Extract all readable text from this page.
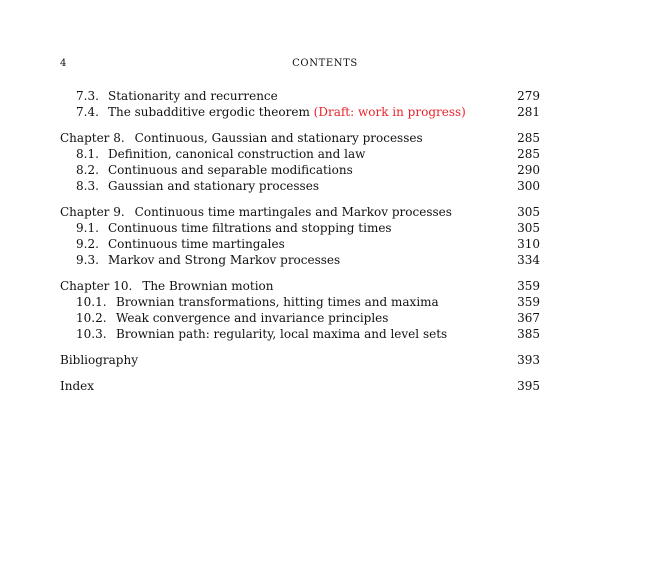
4	CONTENTS
7.3. Stationarity and recurrence	279
7.4. The subadditive ergodic theorem (Draft: work in progress)	281
Chapter 8. Continuous, Gaussian and stationary processes	285
8.1. Definition, canonical construction and law	285
8.2. Continuous and separable modifications	290
8.3. Gaussian and stationary processes	300
Chapter 9. Continuous time martingales and Markov processes	305
9.1. Continuous time filtrations and stopping times	305
9.2. Continuous time martingales	310
9.3. Markov and Strong Markov processes	334
Chapter 10. The Brownian motion	359
10.1. Brownian transformations, hitting times and maxima	359
10.2. Weak convergence and invariance principles	367
10.3. Brownian path: regularity, local maxima and level sets	385
Bibliography	393
Index	395
